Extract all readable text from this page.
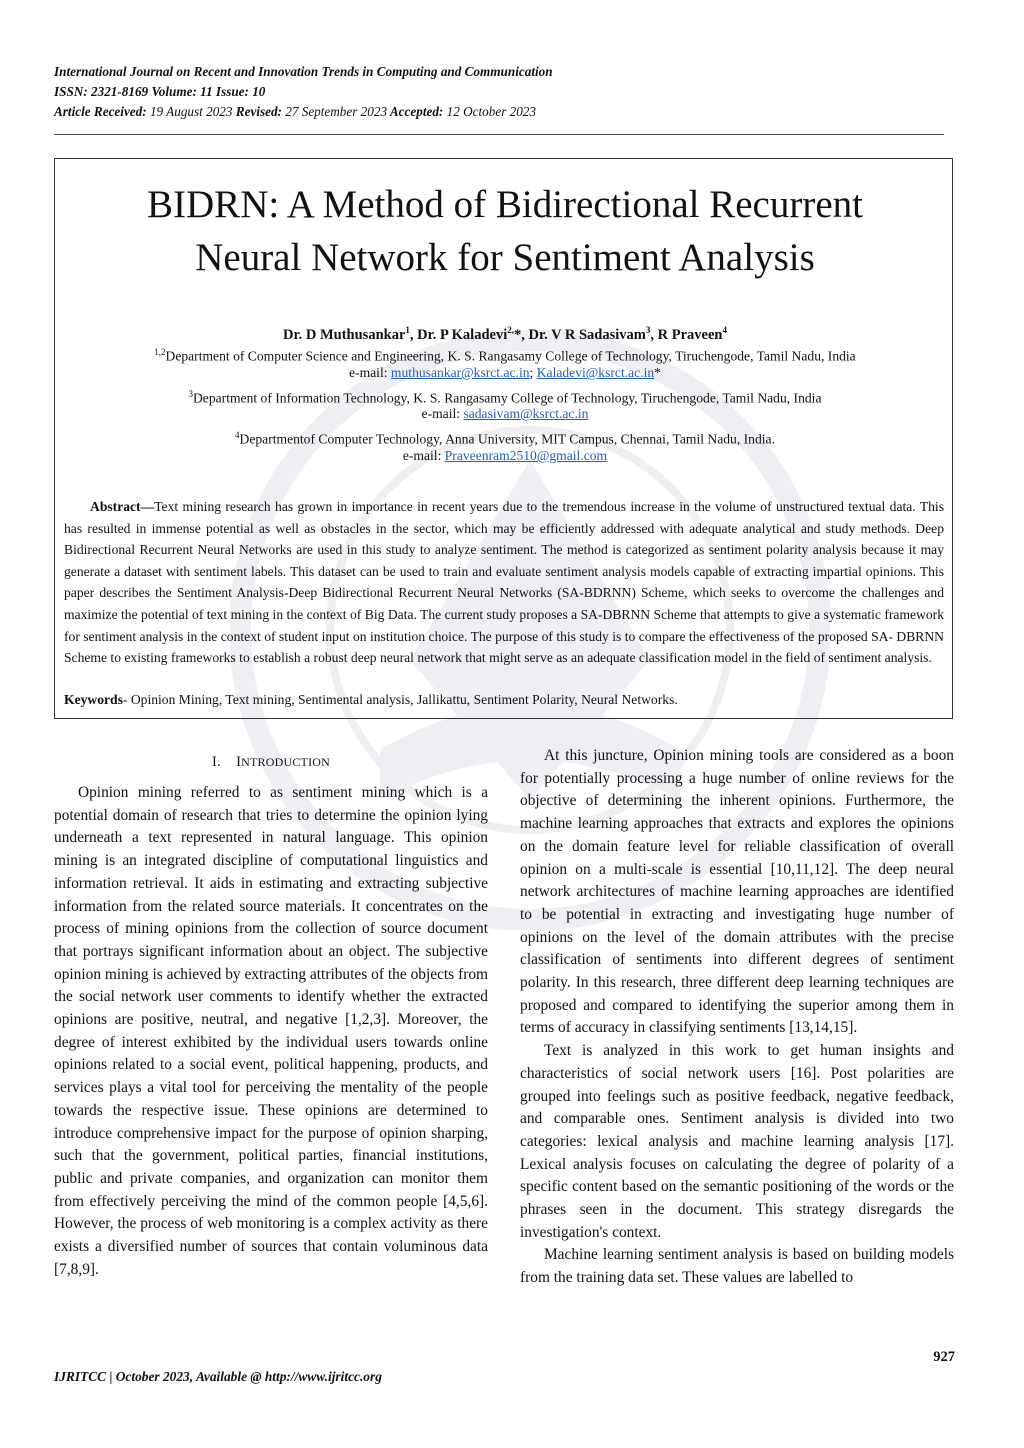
International Journal on Recent and Innovation Trends in Computing and Communication
ISSN: 2321-8169 Volume: 11 Issue: 10
Article Received: 19 August 2023 Revised: 27 September 2023 Accepted: 12 October 2023
BIDRN: A Method of Bidirectional Recurrent
Neural Network for Sentiment Analysis
Dr. D Muthusankar$^1$, Dr. P Kaladevi$^{2,}$*, Dr. V R Sadasivam$^3$, R Praveen$^4$
$^{1,2}$Department of Computer Science and Engineering, K. S. Rangasamy College of Technology, Tiruchengode, Tamil Nadu, India
e-mail: muthusankar@ksrct.ac.in; Kaladevi@ksrct.ac.in*
$^3$Department of Information Technology, K. S. Rangasamy College of Technology, Tiruchengode, Tamil Nadu, India
e-mail: sadasivam@ksrct.ac.in
$^4$Departmentof Computer Technology, Anna University, MIT Campus, Chennai, Tamil Nadu, India.
e-mail: Praveenram2510@gmail.com
Abstract—Text mining research has grown in importance in recent years due to the tremendous increase in the volume of unstructured textual data. This has resulted in immense potential as well as obstacles in the sector, which may be efficiently addressed with adequate analytical and study methods. Deep Bidirectional Recurrent Neural Networks are used in this study to analyze sentiment. The method is categorized as sentiment polarity analysis because it may generate a dataset with sentiment labels. This dataset can be used to train and evaluate sentiment analysis models capable of extracting impartial opinions. This paper describes the Sentiment Analysis-Deep Bidirectional Recurrent Neural Networks (SA-BDRNN) Scheme, which seeks to overcome the challenges and maximize the potential of text mining in the context of Big Data. The current study proposes a SA-DBRNN Scheme that attempts to give a systematic framework for sentiment analysis in the context of student input on institution choice. The purpose of this study is to compare the effectiveness of the proposed SA- DBRNN Scheme to existing frameworks to establish a robust deep neural network that might serve as an adequate classification model in the field of sentiment analysis.
Keywords- Opinion Mining, Text mining, Sentimental analysis, Jallikattu, Sentiment Polarity, Neural Networks.
I. INTRODUCTION

Opinion mining referred to as sentiment mining which is a potential domain of research that tries to determine the opinion lying underneath a text represented in natural language. This opinion mining is an integrated discipline of computational linguistics and information retrieval. It aids in estimating and extracting subjective information from the related source materials. It concentrates on the process of mining opinions from the collection of source document that portrays significant information about an object. The subjective opinion mining is achieved by extracting attributes of the objects from the social network user comments to identify whether the extracted opinions are positive, neutral, and negative [1,2,3]. Moreover, the degree of interest exhibited by the individual users towards online opinions related to a social event, political happening, products, and services plays a vital tool for perceiving the mentality of the people towards the respective issue. These opinions are determined to introduce comprehensive impact for the purpose of opinion sharping, such that the government, political parties, financial institutions, public and private companies, and organization can monitor them from effectively perceiving the mind of the common people [4,5,6]. However, the process of web monitoring is a complex activity as there exists a diversified number of sources that contain voluminous data [7,8,9].

At this juncture, Opinion mining tools are considered as a boon for potentially processing a huge number of online reviews for the objective of determining the inherent opinions. Furthermore, the machine learning approaches that extracts and explores the opinions on the domain feature level for reliable classification of overall opinion on a multi-scale is essential [10,11,12]. The deep neural network architectures of machine learning approaches are identified to be potential in extracting and investigating huge number of opinions on the level of the domain attributes with the precise classification of sentiments into different degrees of sentiment polarity. In this research, three different deep learning techniques are proposed and compared to identifying the superior among them in terms of accuracy in classifying sentiments [13,14,15].

Text is analyzed in this work to get human insights and characteristics of social network users [16]. Post polarities are grouped into feelings such as positive feedback, negative feedback, and comparable ones. Sentiment analysis is divided into two categories: lexical analysis and machine learning analysis [17]. Lexical analysis focuses on calculating the degree of polarity of a specific content based on the semantic positioning of the words or the phrases seen in the document. This strategy disregards the investigation's context.

Machine learning sentiment analysis is based on building models from the training data set. These values are labelled to

927
IJRITCC | October 2023, Available @ http://www.ijritcc.org
